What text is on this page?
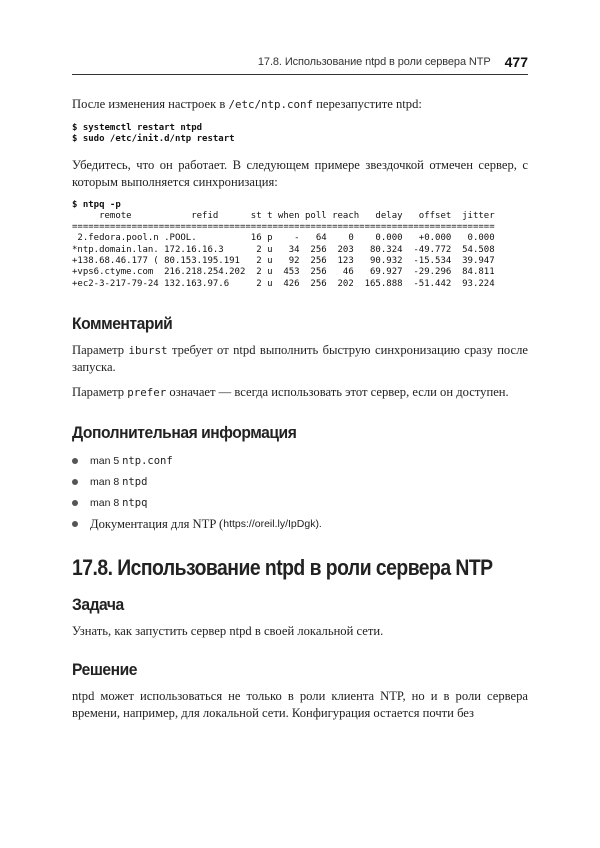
17.8. Использование ntpd в роли сервера NTP 477

После изменения настроек в /etc/ntp.conf перезапустите ntpd:

$ systemctl restart ntpd
$ sudo /etc/init.d/ntp restart

Убедитесь, что он работает. В следующем примере звездочкой отмечен сервер, с которым выполняется синхронизация:

$ ntpq -p
remote           refid      st t when poll reach   delay   offset  jitter
==============================================================================
2.fedora.pool.n .POOL.          16 p    -   64    0    0.000   +0.000   0.000
*ntp.domain.lan. 172.16.16.3      2 u   34  256  203   80.324  -49.772  54.508
+138.68.46.177 ( 80.153.195.191   2 u   92  256  123   90.932  -15.534  39.947
+vps6.ctyme.com  216.218.254.202  2 u  453  256   46   69.927  -29.296  84.811
+ec2-3-217-79-24 132.163.97.6     2 u  426  256  202  165.888  -51.442  93.224
Комментарий

Параметр iburst требует от ntpd выполнить быструю синхронизацию сразу после запуска.

Параметр prefer означает — всегда использовать этот сервер, если он доступен.

Дополнительная информация
man 5 ntp.conf
man 8 ntpd
man 8 ntpq
Документация для NTP ( https://oreil.ly/IpDgk ).
17.8. Использование ntpd в роли сервера NTP
Задача

Узнать, как запустить сервер ntpd в своей локальной сети.

Решение

ntpd может использоваться не только в роли клиента NTP, но и в роли сервера времени, например, для локальной сети. Конфигурация остается почти без
